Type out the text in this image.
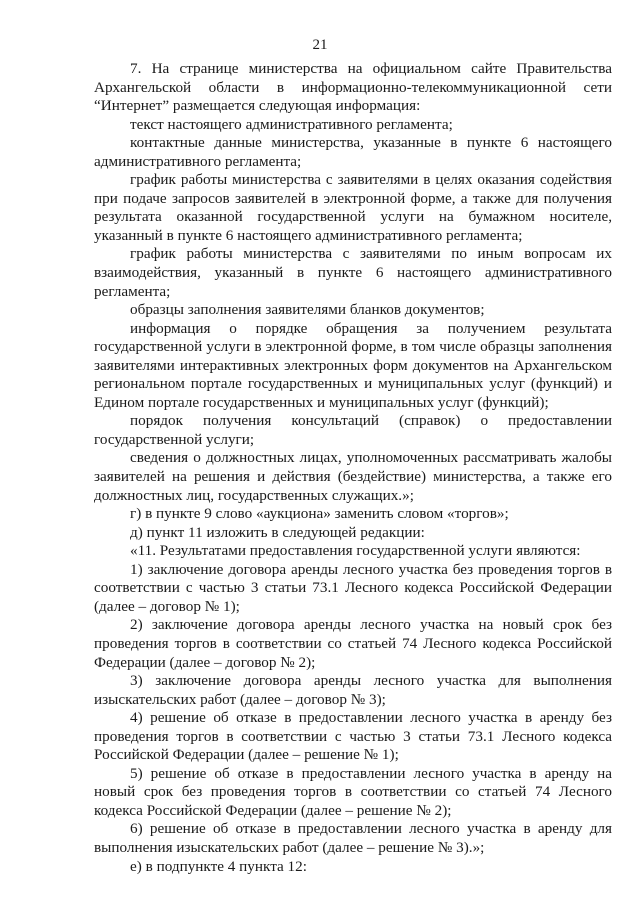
21

7. На странице министерства на официальном сайте Правительства Архангельской области в информационно-телекоммуникационной сети “Интернет” размещается следующая информация:

текст настоящего административного регламента;

контактные данные министерства, указанные в пункте 6 настоящего административного регламента;

график работы министерства с заявителями в целях оказания содействия при подаче запросов заявителей в электронной форме, а также для получения результата оказанной государственной услуги на бумажном носителе, указанный в пункте 6 настоящего административного регламента;

график работы министерства с заявителями по иным вопросам их взаимодействия, указанный в пункте 6 настоящего административного регламента;

образцы заполнения заявителями бланков документов;

информация о порядке обращения за получением результата государственной услуги в электронной форме, в том числе образцы заполнения заявителями интерактивных электронных форм документов на Архангельском региональном портале государственных и муниципальных услуг (функций) и Едином портале государственных и муниципальных услуг (функций);

порядок получения консультаций (справок) о предоставлении государственной услуги;

сведения о должностных лицах, уполномоченных рассматривать жалобы заявителей на решения и действия (бездействие) министерства, а также его должностных лиц, государственных служащих.»;

г) в пункте 9 слово «аукциона» заменить словом «торгов»;

д) пункт 11 изложить в следующей редакции:

«11. Результатами предоставления государственной услуги являются:

1) заключение договора аренды лесного участка без проведения торгов в соответствии с частью 3 статьи 73.1 Лесного кодекса Российской Федерации (далее – договор № 1);

2) заключение договора аренды лесного участка на новый срок без проведения торгов в соответствии со статьей 74 Лесного кодекса Российской Федерации (далее – договор № 2);

3) заключение договора аренды лесного участка для выполнения изыскательских работ (далее – договор № 3);

4) решение об отказе в предоставлении лесного участка в аренду без проведения торгов в соответствии с частью 3 статьи 73.1 Лесного кодекса Российской Федерации (далее – решение № 1);

5) решение об отказе в предоставлении лесного участка в аренду на новый срок без проведения торгов в соответствии со статьей 74 Лесного кодекса Российской Федерации (далее – решение № 2);

6) решение об отказе в предоставлении лесного участка в аренду для выполнения изыскательских работ (далее – решение № 3).»;

е) в подпункте 4 пункта 12:
